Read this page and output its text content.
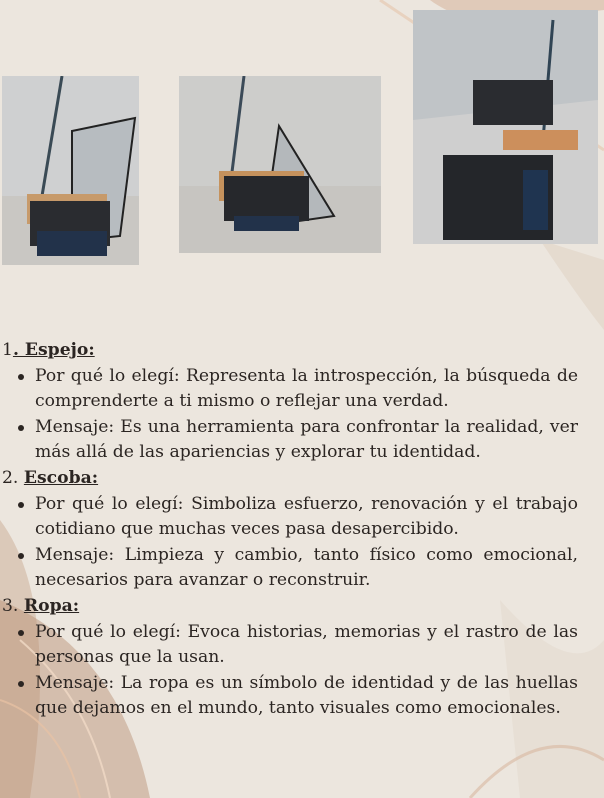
1. Espejo:

Por qué lo elegí: Representa la introspección, la búsqueda de comprenderte a ti mismo o reflejar una verdad.
Mensaje: Es una herramienta para confrontar la realidad, ver más allá de las apariencias y explorar tu identidad.

2. Escoba:

Por qué lo elegí: Simboliza esfuerzo, renovación y el trabajo cotidiano que muchas veces pasa desapercibido.
Mensaje: Limpieza y cambio, tanto físico como emocional, necesarios para avanzar o reconstruir.

3. Ropa:

Por qué lo elegí: Evoca historias, memorias y el rastro de las personas que la usan.
Mensaje: La ropa es un símbolo de identidad y de las huellas que dejamos en el mundo, tanto visuales como emocionales.
